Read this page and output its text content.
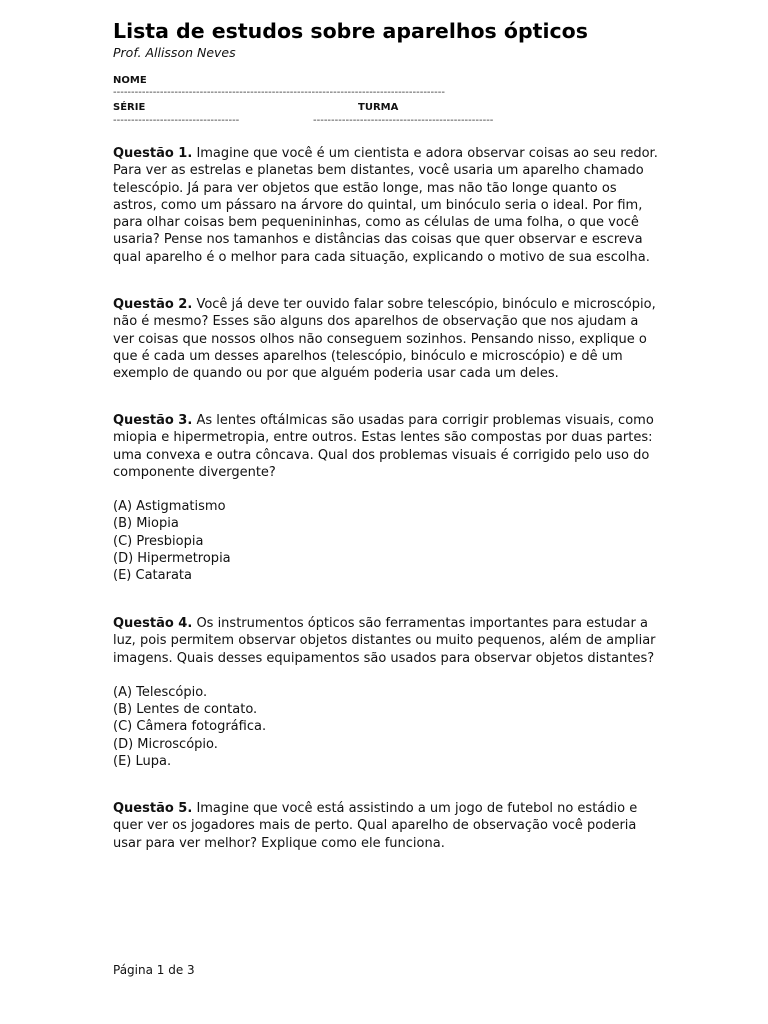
Lista de estudos sobre aparelhos ópticos

Prof. Allisson Neves

NOME
--------------------------------------------------------------------------------------------
SÉRIE	TURMA
-----------------------------------	--------------------------------------------------

Questão 1. Imagine que você é um cientista e adora observar coisas ao seu redor. Para ver as estrelas e planetas bem distantes, você usaria um aparelho chamado telescópio. Já para ver objetos que estão longe, mas não tão longe quanto os astros, como um pássaro na árvore do quintal, um binóculo seria o ideal. Por fim, para olhar coisas bem pequenininhas, como as células de uma folha, o que você usaria? Pense nos tamanhos e distâncias das coisas que quer observar e escreva qual aparelho é o melhor para cada situação, explicando o motivo de sua escolha.

Questão 2. Você já deve ter ouvido falar sobre telescópio, binóculo e microscópio, não é mesmo? Esses são alguns dos aparelhos de observação que nos ajudam a ver coisas que nossos olhos não conseguem sozinhos. Pensando nisso, explique o que é cada um desses aparelhos (telescópio, binóculo e microscópio) e dê um exemplo de quando ou por que alguém poderia usar cada um deles.

Questão 3. As lentes oftálmicas são usadas para corrigir problemas visuais, como miopia e hipermetropia, entre outros. Estas lentes são compostas por duas partes: uma convexa e outra côncava. Qual dos problemas visuais é corrigido pelo uso do componente divergente?

(A) Astigmatismo
(B) Miopia
(C) Presbiopia
(D) Hipermetropia
(E) Catarata

Questão 4. Os instrumentos ópticos são ferramentas importantes para estudar a luz, pois permitem observar objetos distantes ou muito pequenos, além de ampliar imagens. Quais desses equipamentos são usados para observar objetos distantes?

(A) Telescópio.
(B) Lentes de contato.
(C) Câmera fotográfica.
(D) Microscópio.
(E) Lupa.

Questão 5. Imagine que você está assistindo a um jogo de futebol no estádio e quer ver os jogadores mais de perto. Qual aparelho de observação você poderia usar para ver melhor? Explique como ele funciona.

Página 1 de 3
